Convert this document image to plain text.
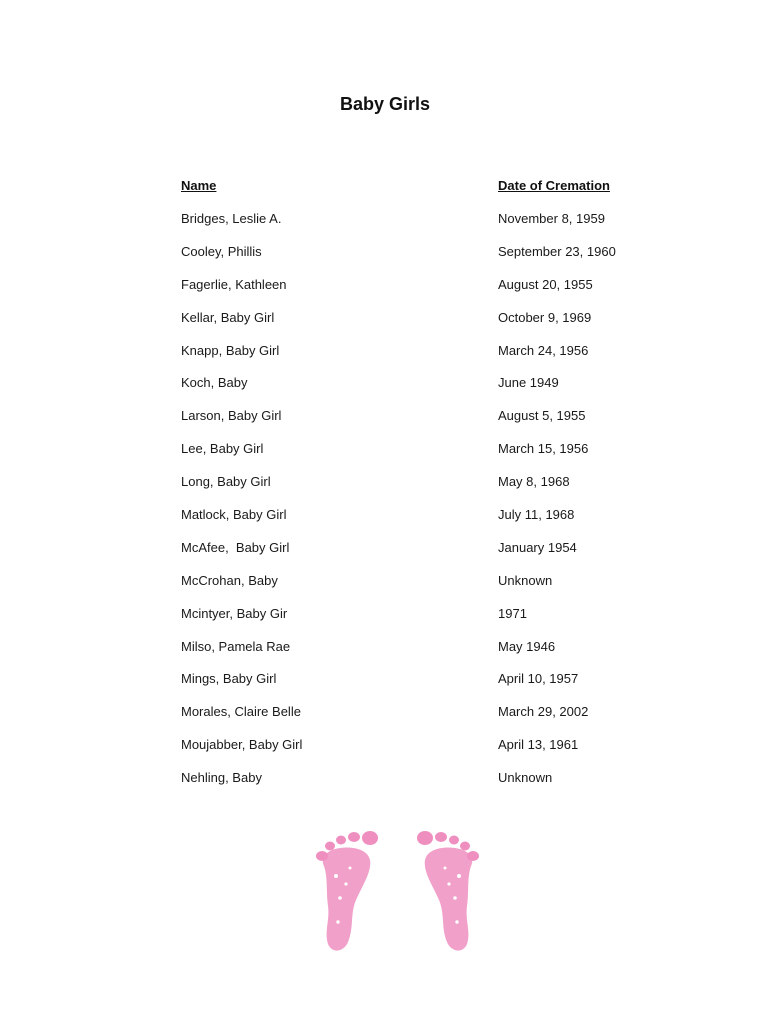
Baby Girls
Name	Date of Cremation
Bridges, Leslie A.	November 8, 1959
Cooley, Phillis	September 23, 1960
Fagerlie, Kathleen	August 20, 1955
Kellar, Baby Girl	October 9, 1969
Knapp, Baby Girl	March 24, 1956
Koch, Baby	June 1949
Larson, Baby Girl	August 5, 1955
Lee, Baby Girl	March 15, 1956
Long, Baby Girl	May 8, 1968
Matlock, Baby Girl	July 11, 1968
McAfee,  Baby Girl	January 1954
McCrohan, Baby	Unknown
Mcintyer, Baby Gir	1971
Milso, Pamela Rae	May 1946
Mings, Baby Girl	April 10, 1957
Morales, Claire Belle	March 29, 2002
Moujabber, Baby Girl	April 13, 1961
Nehling, Baby	Unknown
